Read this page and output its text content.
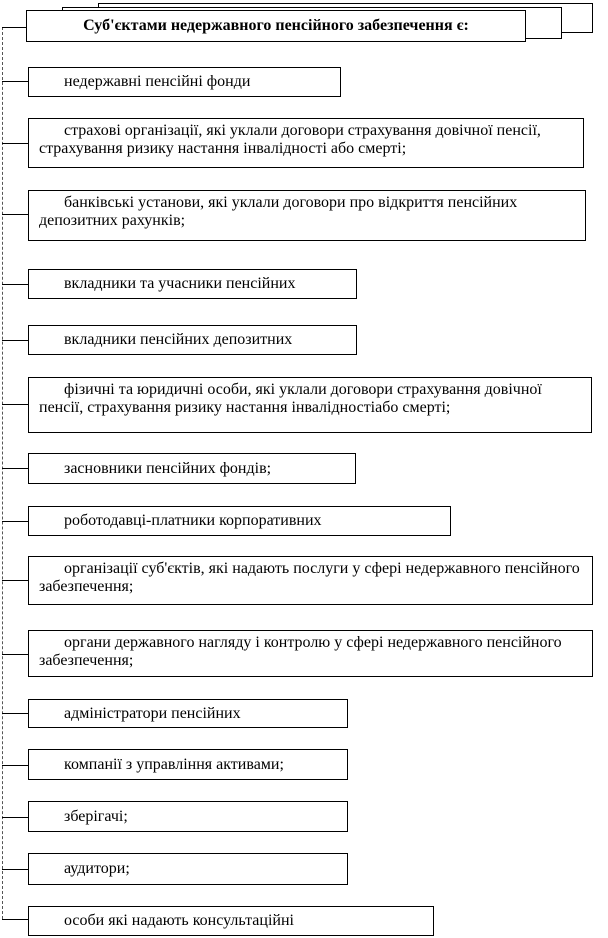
Суб'єктами недержавного пенсійного забезпечення є:
недержавні пенсійні фонди
страхові організації, які уклали договори страхування довічної пенсії, страхування ризику настання інвалідності або смерті;
банківські установи, які уклали договори про відкриття пенсійних депозитних рахунків;
вкладники та учасники пенсійних
вкладники пенсійних депозитних
фізичні та юридичні особи, які уклали договори страхування довічної пенсії, страхування ризику настання інвалідностіабо смерті;
засновники пенсійних фондів;
роботодавці-платники корпоративних
організації суб'єктів, які надають послуги у сфері недержавного пенсійного забезпечення;
органи державного нагляду і контролю у сфері недержавного пенсійного забезпечення;
адміністратори пенсійних
компанії з управління активами;
зберігачі;
аудитори;
особи які надають консультаційні
